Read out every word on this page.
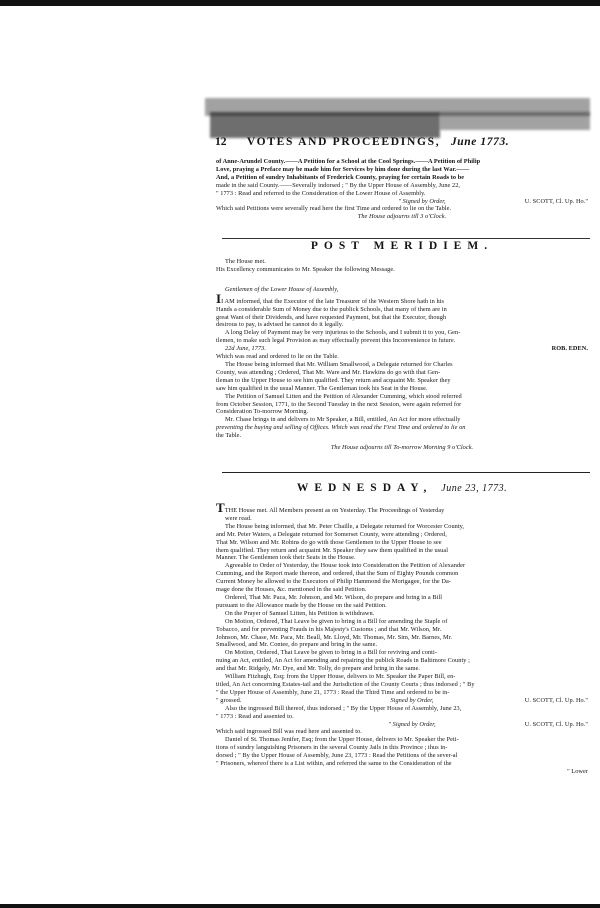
12 VOTES AND PROCEEDINGS, June 1773.

of Anne-Arundel County.——A Petition for a School at the Cool Springs.——A Petition of Philip

Love, praying a Preface may be made him for Services by him done during the last War.——

And, a Petition of sundry Inhabitants of Frederick County, praying for certain Roads to be

made in the said County.——Severally indorsed ; " By the Upper House of Assembly, June 22,

" 1773 : Read and referred to the Consideration of the Lower House of Assembly.

" Signed by Order,	U. SCOTT, Cl. Up. Ho."

Which said Petitions were severally read here the first Time and ordered to lie on the Table.

The House adjourns till 3 o'Clock.

POST MERIDIEM.

The House met.

His Excellency communicates to Mr. Speaker the following Message.

Gentlemen of the Lower House of Assembly,

II AM informed, that the Executor of the late Treasurer of the Western Shore hath in his

Hands a considerable Sum of Money due to the publick Schools, that many of them are in

great Want of their Dividends, and have requested Payment, but that the Executor, though

desirous to pay, is advised he cannot do it legally.

A long Delay of Payment may be very injurious to the Schools, and I submit it to you, Gen-

tlemen, to make such legal Provision as may effectually prevent this Inconvenience in future.

22d June, 1773.	ROB. EDEN.

Which was read and ordered to lie on the Table.

The House being informed that Mr. William Smallwood, a Delegate returned for Charles

County, was attending ; Ordered, That Mr. Ware and Mr. Hawkins do go with that Gen-

tleman to the Upper House to see him qualified. They return and acquaint Mr. Speaker they

saw him qualified in the usual Manner. The Gentleman took his Seat in the House.

The Petition of Samuel Litten and the Petition of Alexander Cumming, which stood referred

from October Session, 1771, to the Second Tuesday in the next Session, were again referred for

Consideration To-morrow Morning.

Mr. Chase brings in and delivers to Mr Speaker, a Bill, entitled, An Act for more effectually

preventing the buying and selling of Offices. Which was read the First Time and ordered to lie on

the Table.

The House adjourns till To-morrow Morning 9 o'Clock.

WEDNESDAY, June 23, 1773.

TTHE House met. All Members present as on Yesterday. The Proceedings of Yesterday

were read.

The House being informed, that Mr. Peter Chaille, a Delegate returned for Worcester County,

and Mr. Peter Waters, a Delegate returned for Somerset County, were attending ; Ordered,

That Mr. Wilson and Mr. Robins do go with those Gentlemen to the Upper House to see

them qualified. They return and acquaint Mr. Speaker they saw them qualified in the usual

Manner. The Gentlemen took their Seats in the House.

Agreeable to Order of Yesterday, the House took into Consideration the Petition of Alexander

Cumming, and the Report made thereon, and ordered, that the Sum of Eighty Pounds common

Current Money be allowed to the Executors of Philip Hammond the Mortgagee, for the Da-

mage done the Houses, &c. mentioned in the said Petition.

Ordered, That Mr. Paca, Mr. Johnson, and Mr. Wilson, do prepare and bring in a Bill

pursuant to the Allowance made by the House on the said Petition.

On the Prayer of Samuel Litten, his Petition is withdrawn.

On Motion, Ordered, That Leave be given to bring in a Bill for amending the Staple of

Tobacco, and for preventing Frauds in his Majesty's Customs ; and that Mr. Wilson, Mr.

Johnson, Mr. Chase, Mr. Paca, Mr. Beall, Mr. Lloyd, Mr. Thomas, Mr. Sim, Mr. Barnes, Mr.

Smallwood, and Mr. Contee, do prepare and bring in the same.

On Motion, Ordered, That Leave be given to bring in a Bill for reviving and conti-

nuing an Act, entitled, An Act for amending and repairing the publick Roads in Baltimore County ;

and that Mr. Ridgely, Mr. Dye, and Mr. Tolly, do prepare and bring in the same.

William Fitzhugh, Esq; from the Upper House, delivers to Mr. Speaker the Paper Bill, en-

titled, An Act concerning Estates-tail and the Jurisdiction of the County Courts ; thus indorsed ; " By

" the Upper House of Assembly, June 21, 1773 : Read the Third Time and ordered to be in-

" grossed.	Signed by Order,	U. SCOTT, Cl. Up. Ho."

Also the ingrossed Bill thereof, thus indorsed ; " By the Upper House of Assembly, June 23,

" 1773 : Read and assented to.

" Signed by Order,	U. SCOTT, Cl. Up. Ho."

Which said ingrossed Bill was read here and assented to.

Daniel of St. Thomas Jenifer, Esq; from the Upper House, delivers to Mr. Speaker the Peti-

tions of sundry languishing Prisoners in the several County Jails in this Province ; thus in-

dorsed ; " By the Upper House of Assembly, June 23, 1773 : Read the Petitions of the sever-al

" Prisoners, whereof there is a List within, and referred the same to the Consideration of the

" Lower
